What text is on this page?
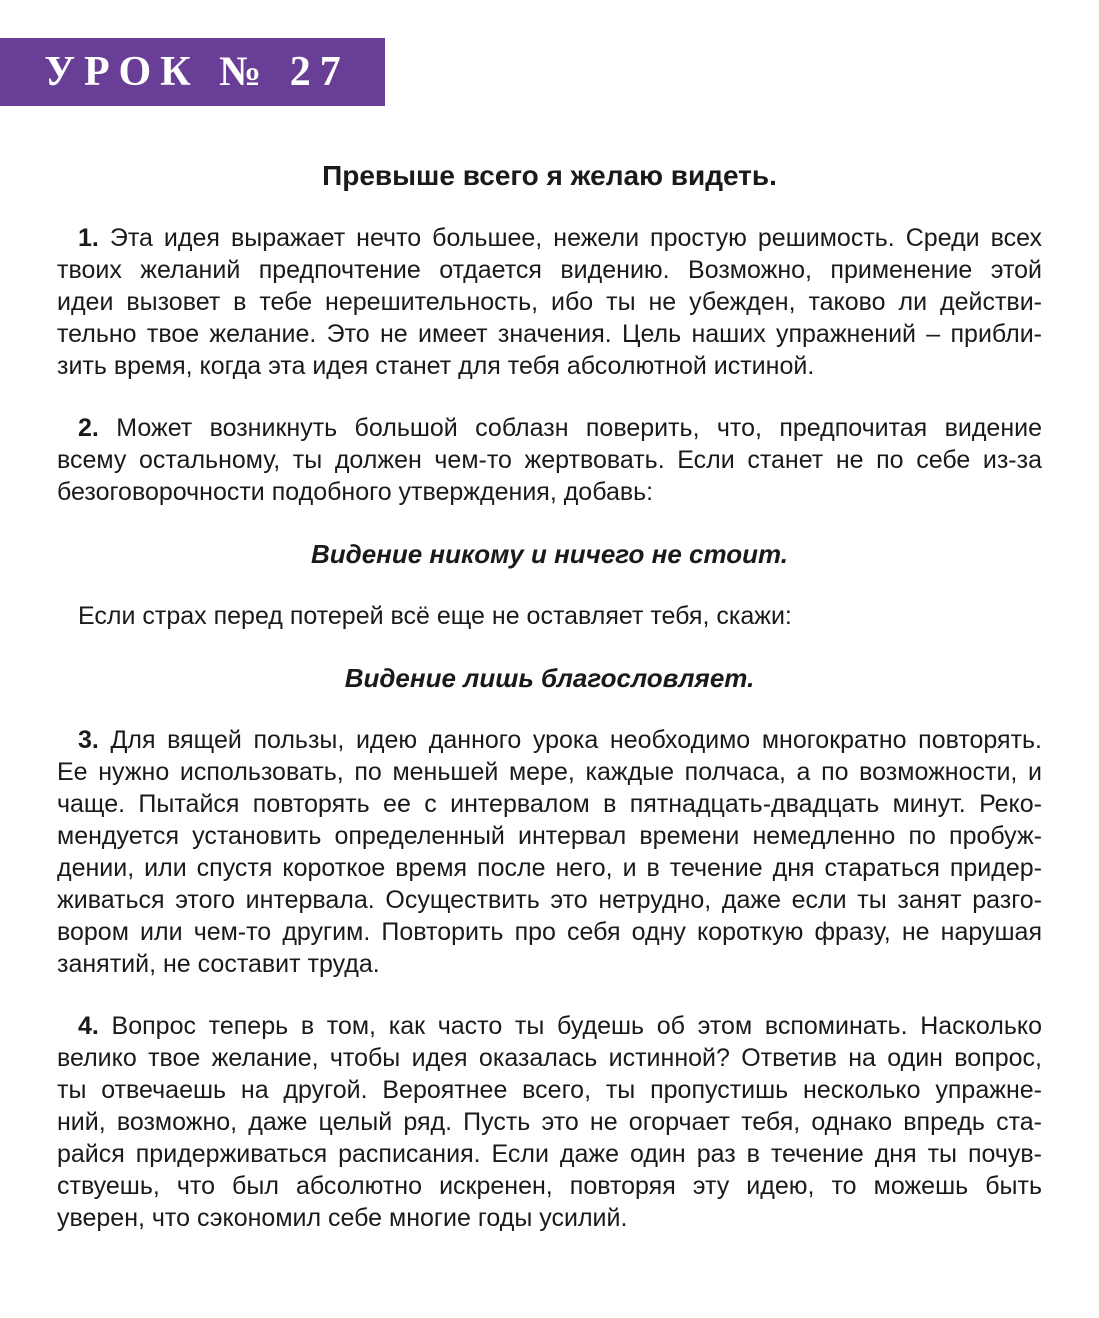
УРОК № 27
Превыше всего я желаю видеть.
1. Эта идея выражает нечто большее, нежели простую решимость. Среди всех
твоих желаний предпочтение отдается видению. Возможно, применение этой
идеи вызовет в тебе нерешительность, ибо ты не убежден, таково ли действи-
тельно твое желание. Это не имеет значения. Цель наших упражнений – прибли-
зить время, когда эта идея станет для тебя абсолютной истиной.
2. Может возникнуть большой соблазн поверить, что, предпочитая видение
всему остальному, ты должен чем-то жертвовать. Если станет не по себе из-за
безоговорочности подобного утверждения, добавь:
Видение никому и ничего не стоит.
Если страх перед потерей всё еще не оставляет тебя, скажи:
Видение лишь благословляет.
3. Для вящей пользы, идею данного урока необходимо многократно повторять.
Ее нужно использовать, по меньшей мере, каждые полчаса, а по возможности, и
чаще. Пытайся повторять ее с интервалом в пятнадцать-двадцать минут. Реко-
мендуется установить определенный интервал времени немедленно по пробуж-
дении, или спустя короткое время после него, и в течение дня стараться придер-
живаться этого интервала. Осуществить это нетрудно, даже если ты занят разго-
вором или чем-то другим. Повторить про себя одну короткую фразу, не нарушая
занятий, не составит труда.
4. Вопрос теперь в том, как часто ты будешь об этом вспоминать. Насколько
велико твое желание, чтобы идея оказалась истинной? Ответив на один вопрос,
ты отвечаешь на другой. Вероятнее всего, ты пропустишь несколько упражне-
ний, возможно, даже целый ряд. Пусть это не огорчает тебя, однако впредь ста-
райся придерживаться расписания. Если даже один раз в течение дня ты почув-
ствуешь, что был абсолютно искренен, повторяя эту идею, то можешь быть
уверен, что сэкономил себе многие годы усилий.
